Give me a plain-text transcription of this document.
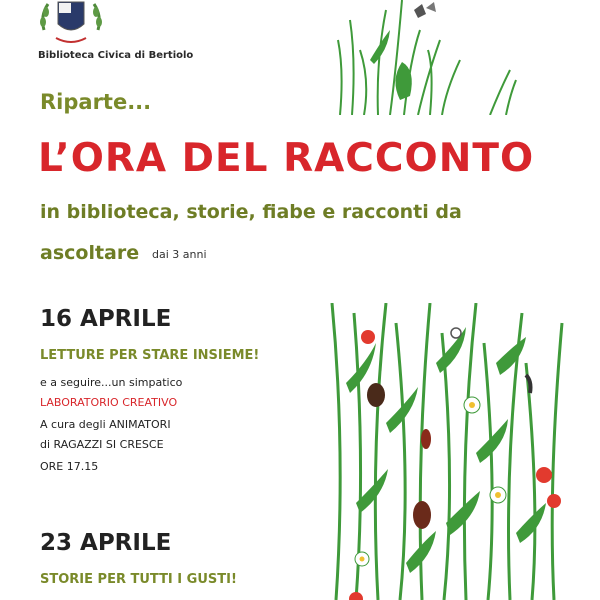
Biblioteca Civica di Bertiolo
Riparte...
L’ORA DEL RACCONTO
in biblioteca, storie, fiabe e racconti da
ascoltare dai 3 anni
16 APRILE
LETTURE PER STARE INSIEME!
e a seguire...un simpatico
LABORATORIO CREATIVO
A cura degli ANIMATORI
di RAGAZZI SI CRESCE
ORE 17.15
23 APRILE
STORIE PER TUTTI I GUSTI!
